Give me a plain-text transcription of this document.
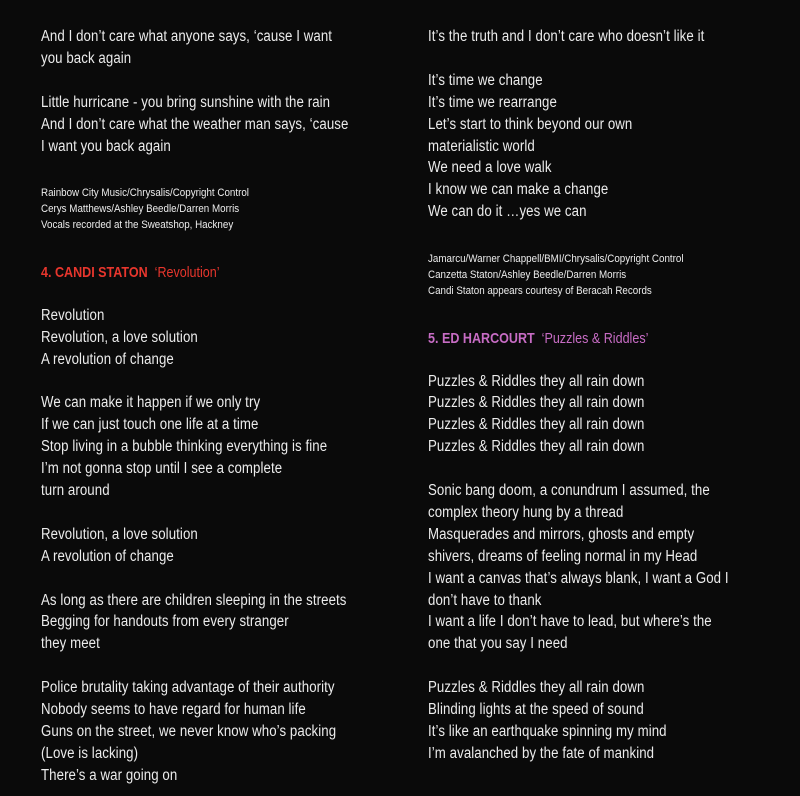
And I don’t care what anyone says, ‘cause I want
you back again
Little hurricane - you bring sunshine with the rain
And I don’t care what the weather man says, ‘cause
I want you back again
Rainbow City Music/Chrysalis/Copyright Control
Cerys Matthews/Ashley Beedle/Darren Morris
Vocals recorded at the Sweatshop, Hackney
4. CANDI STATON ‘Revolution’
Revolution
Revolution, a love solution
A revolution of change
We can make it happen if we only try
If we can just touch one life at a time
Stop living in a bubble thinking everything is fine
I’m not gonna stop until I see a complete
turn around
Revolution, a love solution
A revolution of change
As long as there are children sleeping in the streets
Begging for handouts from every stranger
they meet
Police brutality taking advantage of their authority
Nobody seems to have regard for human life
Guns on the street, we never know who’s packing
(Love is lacking)
There’s a war going on
It’s the truth and I don’t care who doesn’t like it
It’s time we change
It’s time we rearrange
Let’s start to think beyond our own
materialistic world
We need a love walk
I know we can make a change
We can do it …yes we can
Jamarcu/Warner Chappell/BMI/Chrysalis/Copyright Control
Canzetta Staton/Ashley Beedle/Darren Morris
Candi Staton appears courtesy of Beracah Records
5. ED HARCOURT ‘Puzzles & Riddles’
Puzzles & Riddles they all rain down
Puzzles & Riddles they all rain down
Puzzles & Riddles they all rain down
Puzzles & Riddles they all rain down
Sonic bang doom, a conundrum I assumed, the
complex theory hung by a thread
Masquerades and mirrors, ghosts and empty
shivers, dreams of feeling normal in my Head
I want a canvas that’s always blank, I want a God I
don’t have to thank
I want a life I don’t have to lead, but where’s the
one that you say I need
Puzzles & Riddles they all rain down
Blinding lights at the speed of sound
It’s like an earthquake spinning my mind
I’m avalanched by the fate of mankind
